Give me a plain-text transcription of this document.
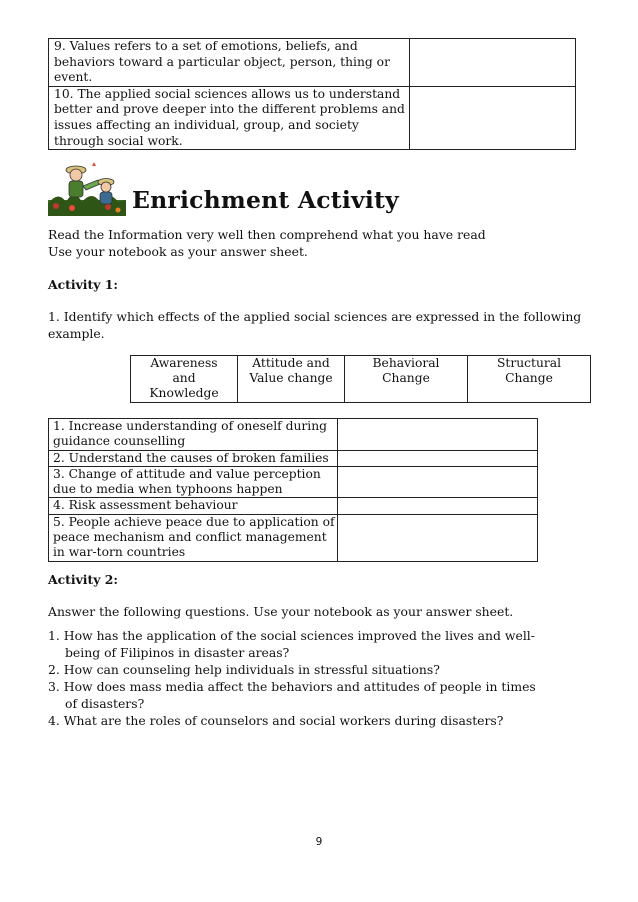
9. Values refers to a set of emotions, beliefs, and behaviors toward a particular object, person, thing or event.	
10. The applied social sciences allows us to understand better and prove deeper into the different problems and issues affecting an individual, group, and society through social work.	
Enrichment Activity
Read the Information very well then comprehend what you have read
Use your notebook as your answer sheet.
Activity 1:
1. Identify which effects of the applied social sciences are expressed in the following example.
Awareness and Knowledge	Attitude and Value change	Behavioral Change	Structural Change
1. Increase understanding of oneself during guidance counselling	
2. Understand the causes of broken families	
3. Change of attitude and value perception due to media when typhoons happen	
4. Risk assessment behaviour	
5. People achieve peace due to application of peace mechanism and conflict management in war-torn countries	
Activity 2:
Answer the following questions. Use your notebook as your answer sheet.
1. How has the application of the social sciences improved the lives and well-being of Filipinos in disaster areas?
2. How can counseling help individuals in stressful situations?
3. How does mass media affect the behaviors and attitudes of people in times of disasters?
4. What are the roles of counselors and social workers during disasters?
9
